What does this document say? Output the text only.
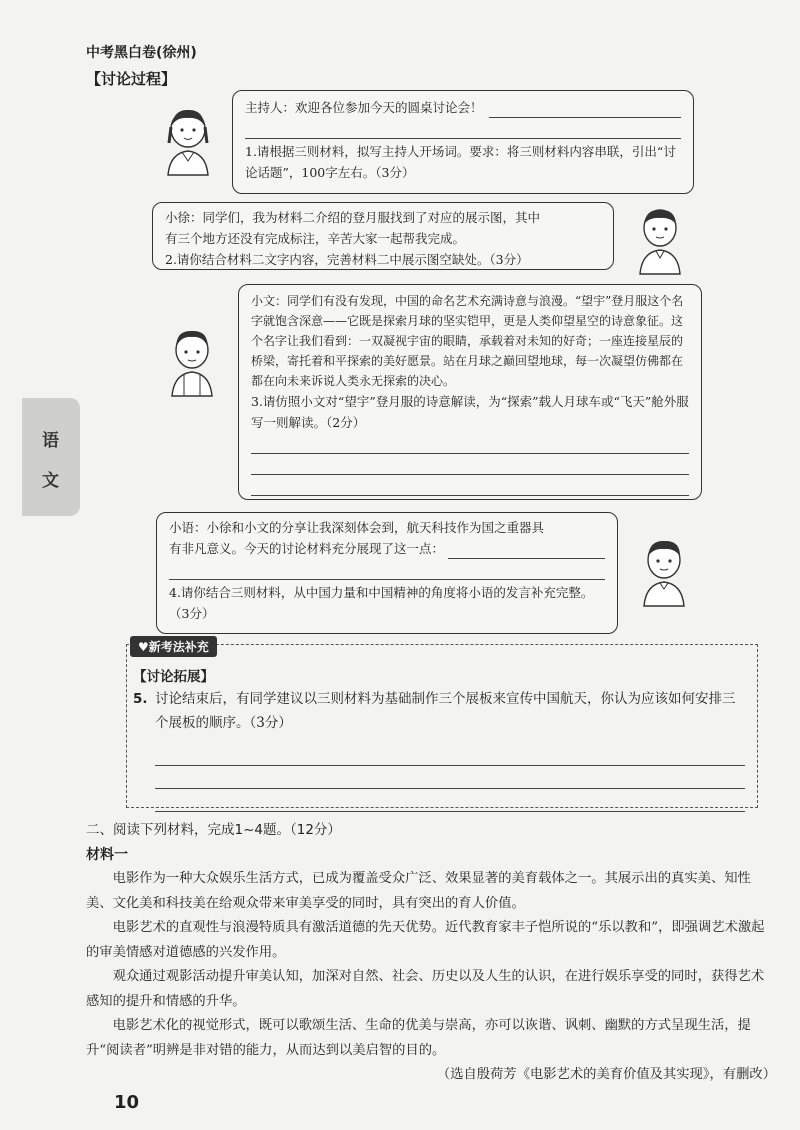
中考黑白卷(徐州)
【讨论过程】
语
文
主持人：欢迎各位参加今天的圆桌讨论会！
1.请根据三则材料，拟写主持人开场词。要求：将三则材料内容串联，引出“讨论话题”，100字左右。（3分）
小徐：同学们，我为材料二介绍的登月服找到了对应的展示图，其中
有三个地方还没有完成标注，辛苦大家一起帮我完成。
2.请你结合材料二文字内容，完善材料二中展示图空缺处。（3分）
小文：同学们有没有发现，中国的命名艺术充满诗意与浪漫。“望宇”登月服这个名字就饱含深意——它既是探索月球的坚实铠甲，更是人类仰望星空的诗意象征。这个名字让我们看到：一双凝视宇宙的眼睛，承载着对未知的好奇；一座连接星辰的桥梁，寄托着和平探索的美好愿景。站在月球之巅回望地球，每一次凝望仿佛都在都在向未来诉说人类永无探索的决心。
3.请仿照小文对“望宇”登月服的诗意解读，为“探索”载人月球车或“飞天”舱外服写一则解读。（2分）
小语：小徐和小文的分享让我深刻体会到，航天科技作为国之重器具
有非凡意义。今天的讨论材料充分展现了这一点：
4.请你结合三则材料，从中国力量和中国精神的角度将小语的发言补充完整。（3分）
【讨论拓展】
5. 讨论结束后，有同学建议以三则材料为基础制作三个展板来宣传中国航天，你认为应该如何安排三个展板的顺序。（3分）
♥新考法补充
二、阅读下列材料，完成1~4题。（12分）
材料一

电影作为一种大众娱乐生活方式，已成为覆盖受众广泛、效果显著的美育载体之一。其展示出的真实美、知性美、文化美和科技美在给观众带来审美享受的同时，具有突出的育人价值。

电影艺术的直观性与浪漫特质具有激活道德的先天优势。近代教育家丰子恺所说的“乐以教和”，即强调艺术激起的审美情感对道德感的兴发作用。

观众通过观影活动提升审美认知，加深对自然、社会、历史以及人生的认识，在进行娱乐享受的同时，获得艺术感知的提升和情感的升华。

电影艺术化的视觉形式，既可以歌颂生活、生命的优美与崇高，亦可以诙谐、讽刺、幽默的方式呈现生活，提升“阅读者”明辨是非对错的能力，从而达到以美启智的目的。

（选自殷荷芳《电影艺术的美育价值及其实现》，有删改）
10
